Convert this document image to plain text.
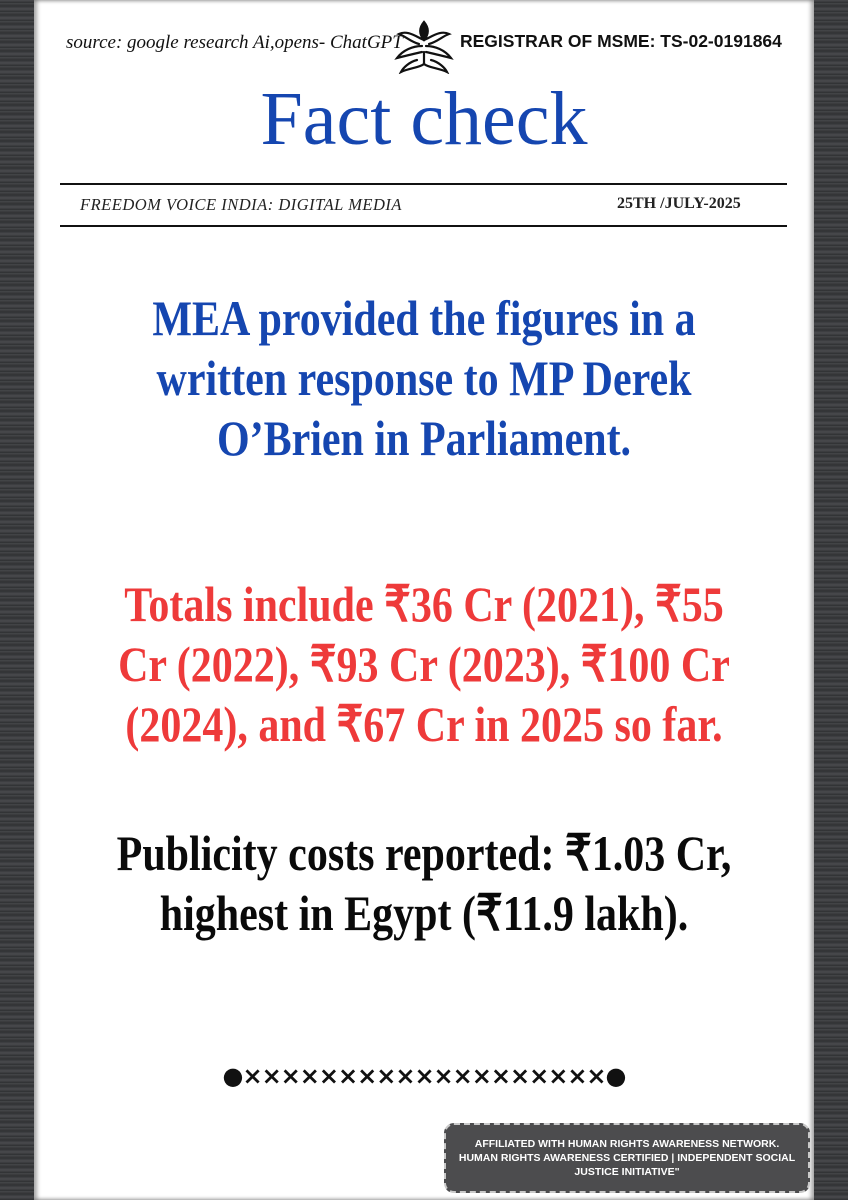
source: google research Ai,opens- ChatGPT	REGISTRAR OF MSME: TS-02-0191864
Fact check
FREEDOM VOICE INDIA: DIGITAL MEDIA	25TH /JULY-2025
MEA provided the figures in a written response to MP Derek O’Brien in Parliament.
Totals include ₹36 Cr (2021), ₹55 Cr (2022), ₹93 Cr (2023), ₹100 Cr (2024), and ₹67 Cr in 2025 so far.
Publicity costs reported: ₹1.03 Cr, highest in Egypt (₹11.9 lakh).
●×××××××××××××××××××●
AFFILIATED WITH HUMAN RIGHTS AWARENESS NETWORK. HUMAN RIGHTS AWARENESS CERTIFIED | INDEPENDENT SOCIAL JUSTICE INITIATIVE"
